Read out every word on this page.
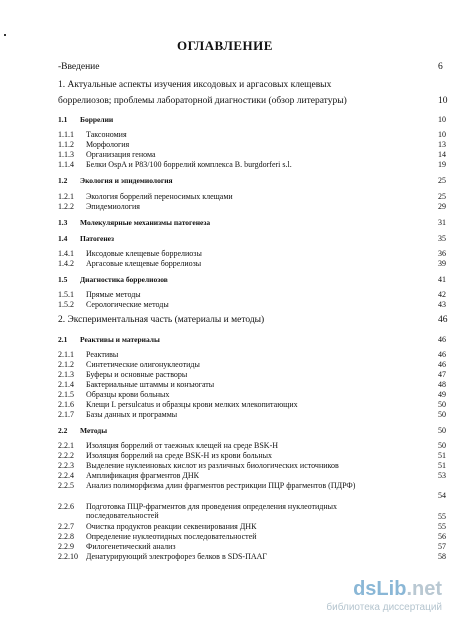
ОГЛАВЛЕНИЕ
-Введение	6
1. Актуальные аспекты изучения иксодовых и аргасовых клещевых
боррелиозов; проблемы лабораторной диагностики (обзор литературы)	10
1.1 Боррелии	10
1.1.1 Таксономия	10
1.1.2 Морфология	13
1.1.3 Организация генома	14
1.1.4 Белки OspA и P83/100 боррелий комплекса B. burgdorferi s.l.	19
1.2 Экология и эпидемиология	25
1.2.1 Экология боррелий переносимых клещами	25
1.2.2 Эпидемиология	29
1.3 Молекулярные механизмы патогенеза	31
1.4 Патогенез	35
1.4.1 Иксодовые клещевые боррелиозы	36
1.4.2 Аргасовые клещевые боррелиозы	39
1.5 Диагностика боррелиозов	41
1.5.1 Прямые методы	42
1.5.2 Серологические методы	43
2. Экспериментальная часть (материалы и методы)	46
2.1 Реактивы и материалы	46
2.1.1 Реактивы	46
2.1.2 Синтетические олигонуклеотиды	46
2.1.3 Буферы и основные растворы	47
2.1.4 Бактериальные штаммы и конъюгаты	48
2.1.5 Образцы крови больных	49
2.1.6 Клещи I. persulcatus и образцы крови мелких млекопитающих	50
2.1.7 Базы данных и программы	50
2.2 Методы	50
2.2.1 Изоляция боррелий от таежных клещей на среде BSK-H	50
2.2.2 Изоляция боррелий на среде BSK-H из крови больных	51
2.2.3 Выделение нуклеиновых кислот из различных биологических источников	51
2.2.4 Амплификация фрагментов ДНК	53
2.2.5 Анализ полиморфизма длин фрагментов рестрикции ПЦР фрагментов (ПДРФ)
54
2.2.6 Подготовка ПЦР-фрагментов для проведения определения нуклеотидных последовательностей	55
2.2.7 Очистка продуктов реакции секвенирования ДНК	55
2.2.8 Определение нуклеотидных последовательностей	56
2.2.9 Филогенетический анализ	57
2.2.10 Денатурирующий электрофорез белков в SDS-ПААГ	58
dsLib.net
библиотека диссертаций
